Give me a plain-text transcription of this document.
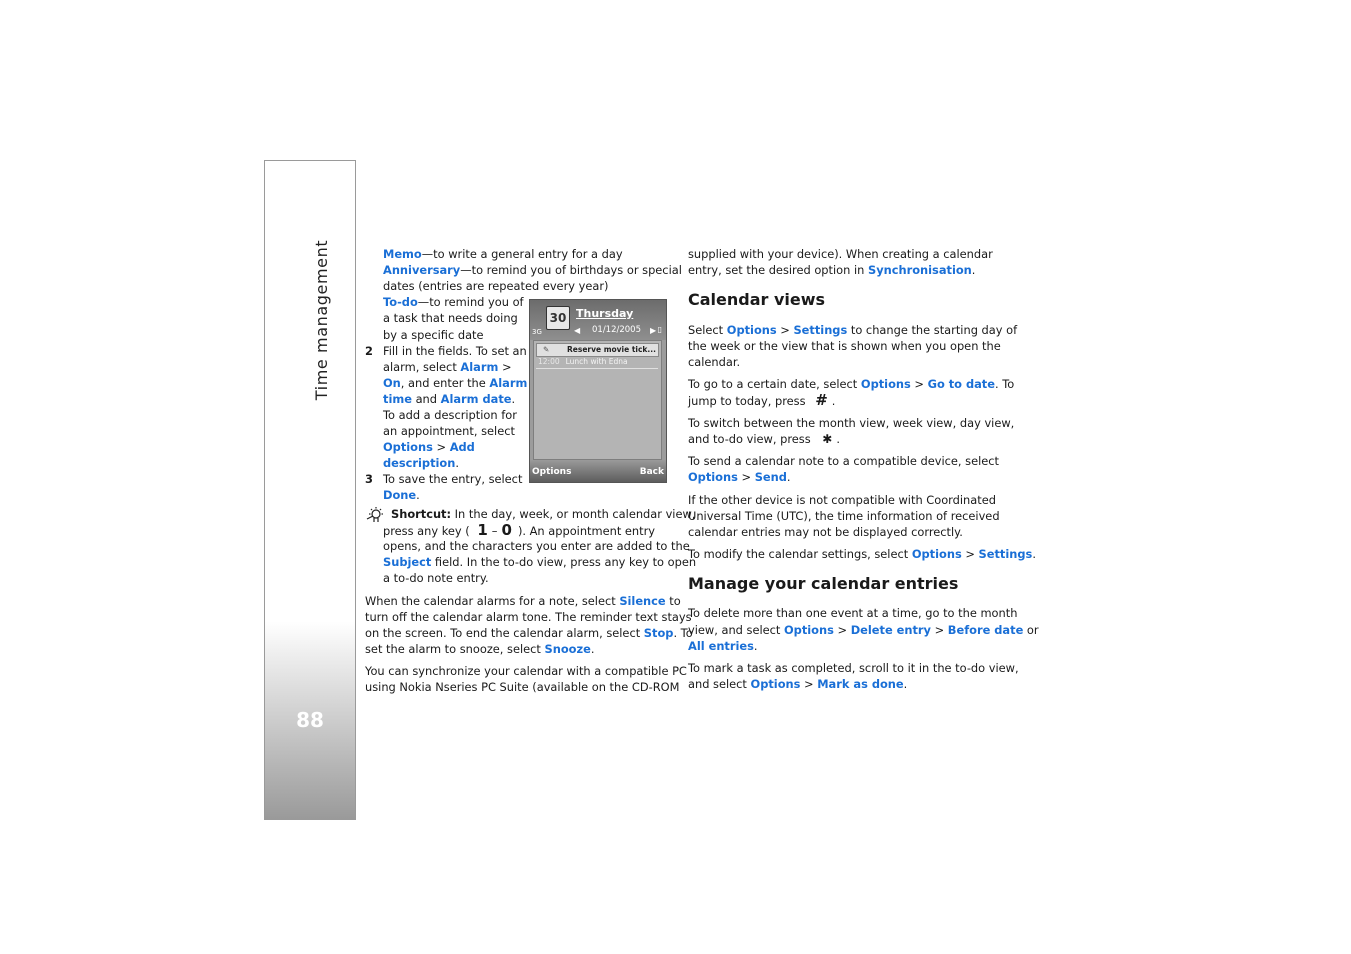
Time management
88
Memo—to write a general entry for a day
Anniversary—to remind you of birthdays or special
dates (entries are repeated every year)
To-do—to remind you of
a task that needs doing
by a specific date
2 Fill in the fields. To set an
alarm, select Alarm >
On, and enter the Alarm
time and Alarm date.
To add a description for
an appointment, select
Options > Add
description.
3 To save the entry, select
Done.
Shortcut: In the day, week, or month calendar view,
press any key ( 1 – 0 ). An appointment entry
opens, and the characters you enter are added to the
Subject field. In the to-do view, press any key to open
a to-do note entry.
When the calendar alarms for a note, select Silence to
turn off the calendar alarm tone. The reminder text stays
on the screen. To end the calendar alarm, select Stop. To
set the alarm to snooze, select Snooze.
You can synchronize your calendar with a compatible PC
using Nokia Nseries PC Suite (available on the CD-ROM
30 Thursday
◀ 01/12/2005 ▶
3G	▯
✎ Reserve movie tick...
12:00 Lunch with Edna
Options	Back
supplied with your device). When creating a calendar
entry, set the desired option in Synchronisation.
Calendar views
Select Options > Settings to change the starting day of
the week or the view that is shown when you open the
calendar.
To go to a certain date, select Options > Go to date. To
jump to today, press # .
To switch between the month view, week view, day view,
and to-do view, press ✱ .
To send a calendar note to a compatible device, select
Options > Send.
If the other device is not compatible with Coordinated
Universal Time (UTC), the time information of received
calendar entries may not be displayed correctly.
To modify the calendar settings, select Options > Settings.
Manage your calendar entries
To delete more than one event at a time, go to the month
view, and select Options > Delete entry > Before date or
All entries.
To mark a task as completed, scroll to it in the to-do view,
and select Options > Mark as done.
